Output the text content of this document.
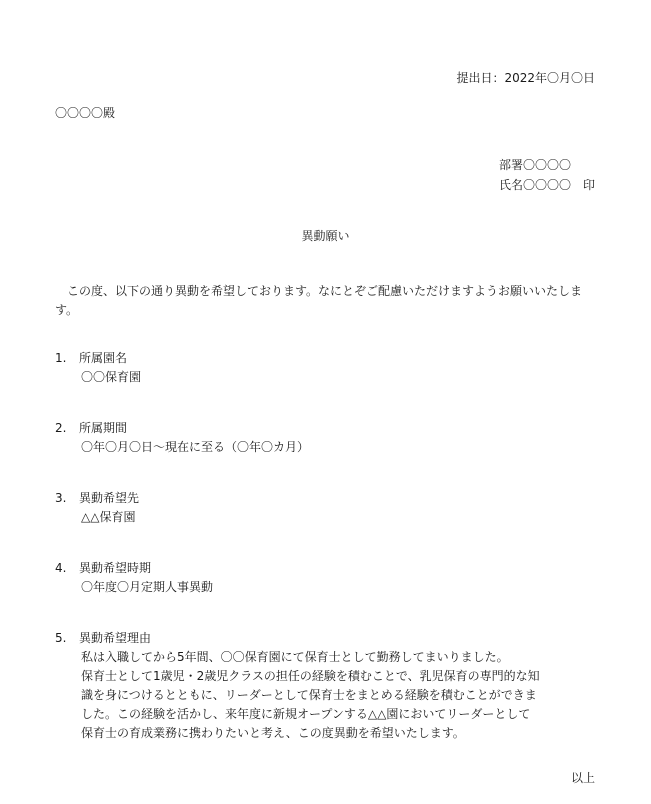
提出日：2022年〇月〇日
〇〇〇〇殿
部署〇〇〇〇
氏名〇〇〇〇　印
異動願い
この度、以下の通り異動を希望しております。なにとぞご配慮いただけますようお願いいたします。
1.	所属園名
〇〇保育園
2.	所属期間
〇年〇月〇日～現在に至る（〇年〇カ月）
3.	異動希望先
△△保育園
4.	異動希望時期
〇年度〇月定期人事異動
5.	異動希望理由
私は入職してから5年間、〇〇保育園にて保育士として勤務してまいりました。
保育士として1歳児・2歳児クラスの担任の経験を積むことで、乳児保育の専門的な知
識を身につけるとともに、リーダーとして保育士をまとめる経験を積むことができま
した。この経験を活かし、来年度に新規オープンする△△園においてリーダーとして
保育士の育成業務に携わりたいと考え、この度異動を希望いたします。
以上
